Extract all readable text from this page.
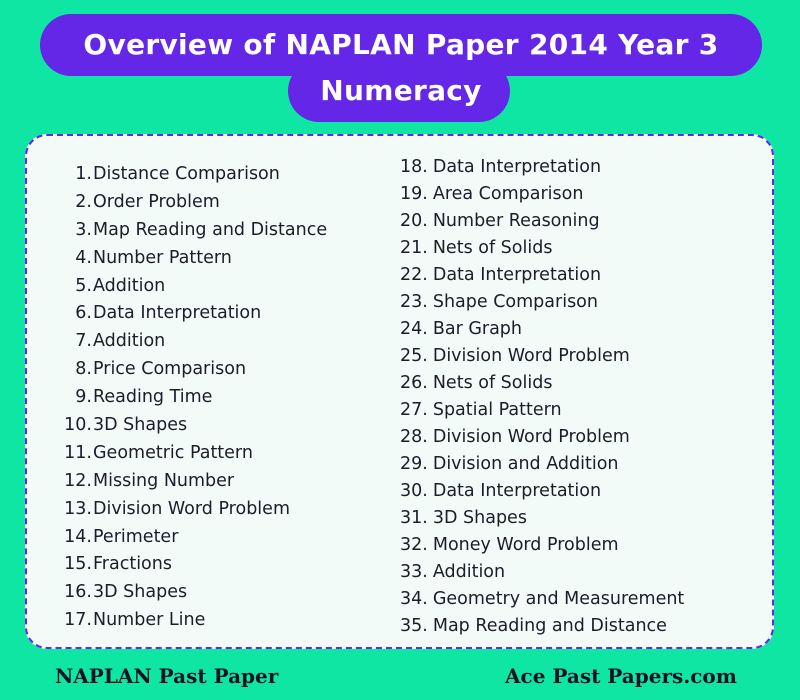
Overview of NAPLAN Paper 2014 Year 3
Numeracy
1. Distance Comparison
2. Order Problem
3. Map Reading and Distance
4. Number Pattern
5. Addition
6. Data Interpretation
7. Addition
8. Price Comparison
9. Reading Time
10. 3D Shapes
11. Geometric Pattern
12. Missing Number
13. Division Word Problem
14. Perimeter
15. Fractions
16. 3D Shapes
17. Number Line
18. Data Interpretation
19. Area Comparison
20. Number Reasoning
21. Nets of Solids
22. Data Interpretation
23. Shape Comparison
24. Bar Graph
25. Division Word Problem
26. Nets of Solids
27. Spatial Pattern
28. Division Word Problem
29. Division and Addition
30. Data Interpretation
31. 3D Shapes
32. Money Word Problem
33. Addition
34. Geometry and Measurement
35. Map Reading and Distance
NAPLAN Past Paper	Ace Past Papers.com
